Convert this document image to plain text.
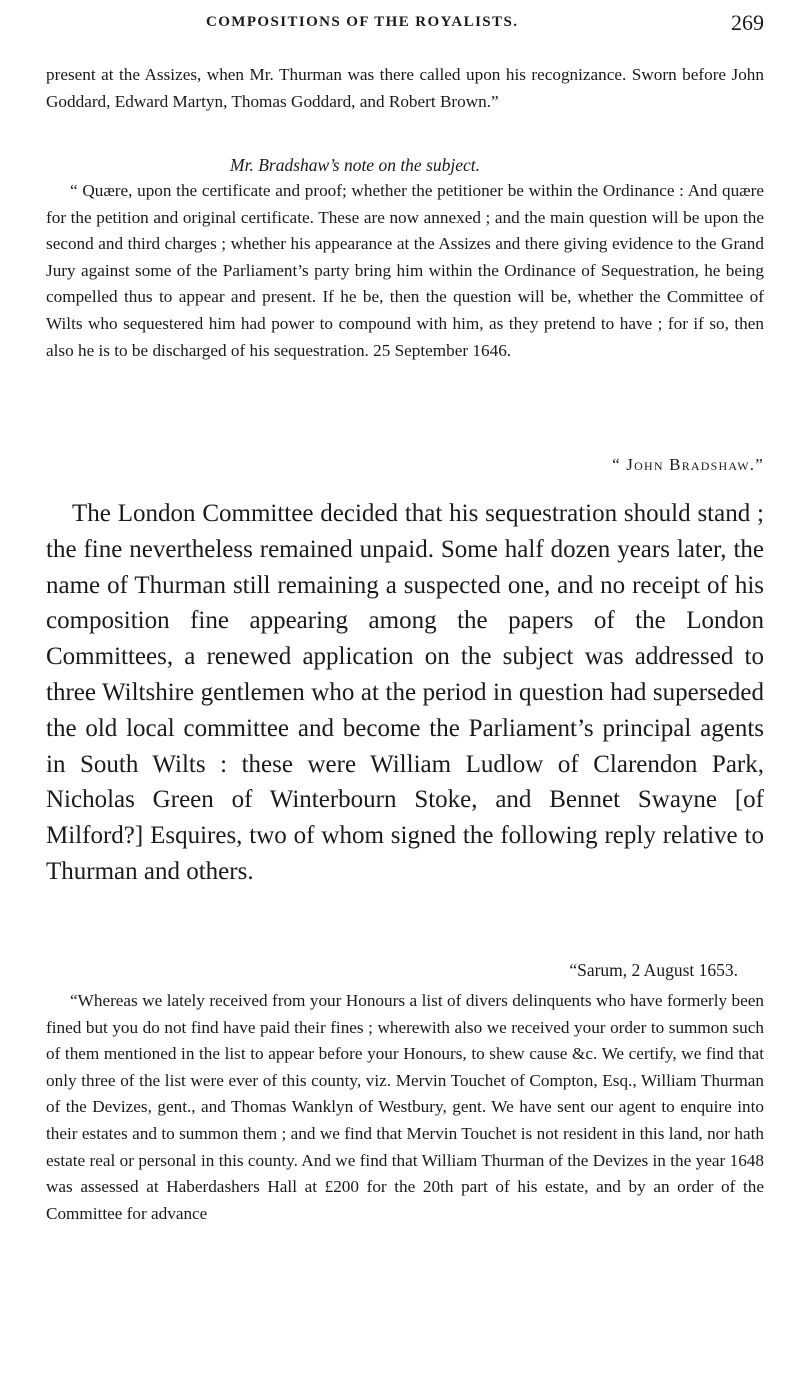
COMPOSITIONS OF THE ROYALISTS.	269

present at the Assizes, when Mr. Thurman was there called upon his recognizance. Sworn before John Goddard, Edward Martyn, Thomas Goddard, and Robert Brown.”

Mr. Bradshaw’s note on the subject.

“ Quære, upon the certificate and proof; whether the petitioner be within the Ordinance : And quære for the petition and original certificate. These are now annexed ; and the main question will be upon the second and third charges ; whether his appearance at the Assizes and there giving evidence to the Grand Jury against some of the Parliament’s party bring him within the Ordinance of Sequestration, he being compelled thus to appear and present. If he be, then the question will be, whether the Committee of Wilts who sequestered him had power to compound with him, as they pretend to have ; for if so, then also he is to be discharged of his sequestration. 25 September 1646.

“ John Bradshaw.”

The London Committee decided that his sequestration should stand ; the fine nevertheless remained unpaid. Some half dozen years later, the name of Thurman still remaining a suspected one, and no receipt of his composition fine appearing among the papers of the London Committees, a renewed application on the subject was addressed to three Wiltshire gentlemen who at the period in question had superseded the old local committee and become the Parliament’s principal agents in South Wilts : these were William Ludlow of Clarendon Park, Nicholas Green of Winterbourn Stoke, and Bennet Swayne [of Milford?] Esquires, two of whom signed the following reply relative to Thurman and others.

“Sarum, 2 August 1653.

“Whereas we lately received from your Honours a list of divers delinquents who have formerly been fined but you do not find have paid their fines ; wherewith also we received your order to summon such of them mentioned in the list to appear before your Honours, to shew cause &c. We certify, we find that only three of the list were ever of this county, viz. Mervin Touchet of Compton, Esq., William Thurman of the Devizes, gent., and Thomas Wanklyn of Westbury, gent. We have sent our agent to enquire into their estates and to summon them ; and we find that Mervin Touchet is not resident in this land, nor hath estate real or personal in this county. And we find that William Thurman of the Devizes in the year 1648 was assessed at Haberdashers Hall at £200 for the 20th part of his estate, and by an order of the Committee for advance
